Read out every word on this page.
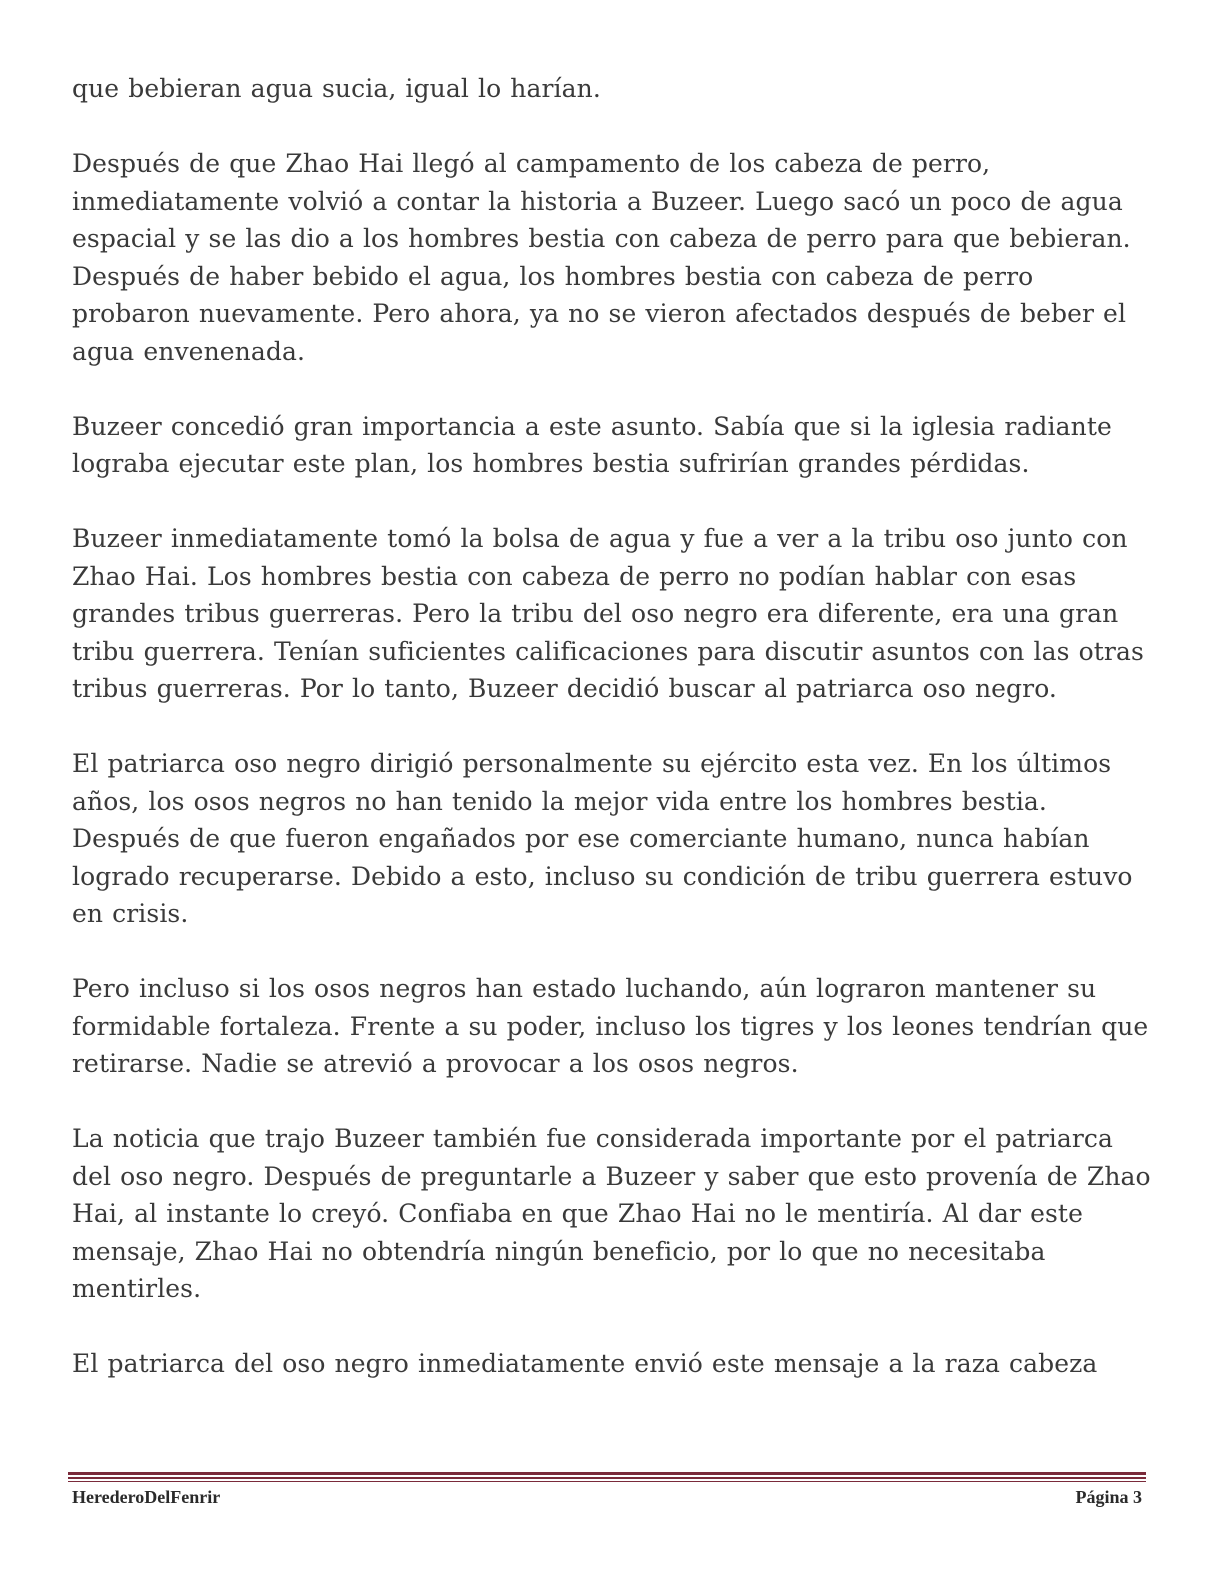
que bebieran agua sucia, igual lo harían.

Después de que Zhao Hai llegó al campamento de los cabeza de perro, inmediatamente volvió a contar la historia a Buzeer. Luego sacó un poco de agua espacial y se las dio a los hombres bestia con cabeza de perro para que bebieran. Después de haber bebido el agua, los hombres bestia con cabeza de perro probaron nuevamente. Pero ahora, ya no se vieron afectados después de beber el agua envenenada.

Buzeer concedió gran importancia a este asunto. Sabía que si la iglesia radiante lograba ejecutar este plan, los hombres bestia sufrirían grandes pérdidas.

Buzeer inmediatamente tomó la bolsa de agua y fue a ver a la tribu oso junto con Zhao Hai. Los hombres bestia con cabeza de perro no podían hablar con esas grandes tribus guerreras. Pero la tribu del oso negro era diferente, era una gran tribu guerrera. Tenían suficientes calificaciones para discutir asuntos con las otras tribus guerreras. Por lo tanto, Buzeer decidió buscar al patriarca oso negro.

El patriarca oso negro dirigió personalmente su ejército esta vez. En los últimos años, los osos negros no han tenido la mejor vida entre los hombres bestia. Después de que fueron engañados por ese comerciante humano, nunca habían logrado recuperarse. Debido a esto, incluso su condición de tribu guerrera estuvo en crisis.

Pero incluso si los osos negros han estado luchando, aún lograron mantener su formidable fortaleza. Frente a su poder, incluso los tigres y los leones tendrían que retirarse. Nadie se atrevió a provocar a los osos negros.

La noticia que trajo Buzeer también fue considerada importante por el patriarca del oso negro. Después de preguntarle a Buzeer y saber que esto provenía de Zhao Hai, al instante lo creyó. Confiaba en que Zhao Hai no le mentiría. Al dar este mensaje, Zhao Hai no obtendría ningún beneficio, por lo que no necesitaba mentirles.

El patriarca del oso negro inmediatamente envió este mensaje a la raza cabeza

HerederoDelFenrir	Página 3
